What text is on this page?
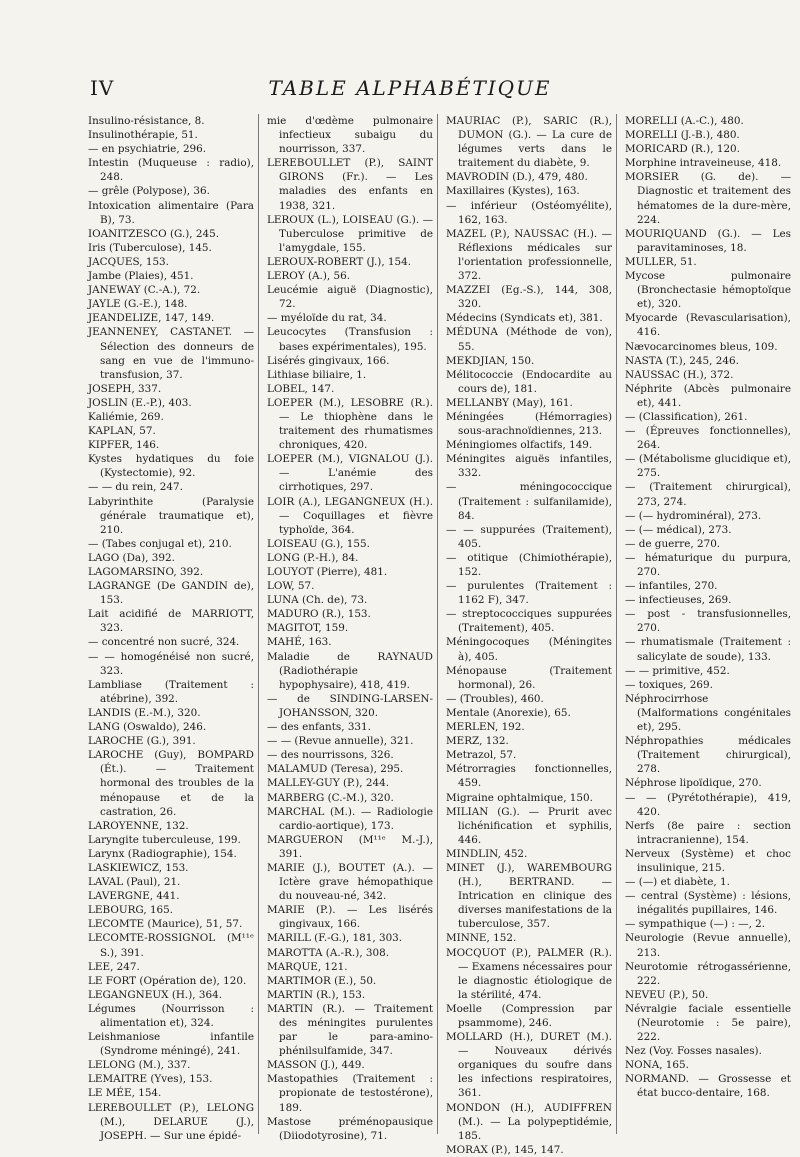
IV	TABLE ALPHABÉTIQUE

Insulino-résistance, 8.

Insulinothérapie, 51.

— en psychiatrie, 296.

Intestin (Muqueuse : radio), 248.

— grêle (Polypose), 36.

Intoxication alimentaire (Para B), 73.

IOANITZESCO (G.), 245.

Iris (Tuberculose), 145.

JACQUES, 153.

Jambe (Plaies), 451.

JANEWAY (C.-A.), 72.

JAYLE (G.-E.), 148.

JEANDELIZE, 147, 149.

JEANNENEY, CASTANET. — Sélection des donneurs de sang en vue de l'immuno-transfusion, 37.

JOSEPH, 337.

JOSLIN (E.-P.), 403.

Kaliémie, 269.

KAPLAN, 57.

KIPFER, 146.

Kystes hydatiques du foie (Kystectomie), 92.

— — du rein, 247.

Labyrinthite (Paralysie générale traumatique et), 210.

— (Tabes conjugal et), 210.

LAGO (Da), 392.

LAGOMARSINO, 392.

LAGRANGE (De GANDIN de), 153.

Lait acidifié de MARRIOTT, 323.

— concentré non sucré, 324.

— — homogénéisé non sucré, 323.

Lambliase (Traitement : atébrine), 392.

LANDIS (E.-M.), 320.

LANG (Oswaldo), 246.

LAROCHE (G.), 391.

LAROCHE (Guy), BOMPARD (Ét.). — Traitement hormonal des troubles de la ménopause et de la castration, 26.

LAROYENNE, 132.

Laryngite tuberculeuse, 199.

Larynx (Radiographie), 154.

LASKIEWICZ, 153.

LAVAL (Paul), 21.

LAVERGNE, 441.

LEBOURG, 165.

LECOMTE (Maurice), 51, 57.

LECOMTE-ROSSIGNOL (M¹¹ᵉ S.), 391.

LEE, 247.

LE FORT (Opération de), 120.

LEGANGNEUX (H.), 364.

Légumes (Nourrisson : alimentation et), 324.

Leishmaniose infantile (Syndrome méningé), 241.

LELONG (M.), 337.

LEMAITRE (Yves), 153.

LE MÉE, 154.

LEREBOULLET (P.), LELONG (M.), DELARUE (J.), JOSEPH. — Sur une épidé-

mie d'œdème pulmonaire infectieux subaigu du nourrisson, 337.

LEREBOULLET (P.), SAINT GIRONS (Fr.). — Les maladies des enfants en 1938, 321.

LEROUX (L.), LOISEAU (G.). — Tuberculose primitive de l'amygdale, 155.

LEROUX-ROBERT (J.), 154.

LEROY (A.), 56.

Leucémie aiguë (Diagnostic), 72.

— myéloïde du rat, 34.

Leucocytes (Transfusion : bases expérimentales), 195.

Lisérés gingivaux, 166.

Lithiase biliaire, 1.

LOBEL, 147.

LOEPER (M.), LESOBRE (R.). — Le thiophène dans le traitement des rhumatismes chroniques, 420.

LOEPER (M.), VIGNALOU (J.). — L'anémie des cirrhotiques, 297.

LOIR (A.), LEGANGNEUX (H.). — Coquillages et fièvre typhoïde, 364.

LOISEAU (G.), 155.

LONG (P.-H.), 84.

LOUYOT (Pierre), 481.

LOW, 57.

LUNA (Ch. de), 73.

MADURO (R.), 153.

MAGITOT, 159.

MAHÉ, 163.

Maladie de RAYNAUD (Radiothérapie hypophysaire), 418, 419.

— de SINDING-LARSEN-JOHANSSON, 320.

— des enfants, 331.

— — (Revue annuelle), 321.

— des nourrissons, 326.

MALAMUD (Teresa), 295.

MALLEY-GUY (P.), 244.

MARBERG (C.-M.), 320.

MARCHAL (M.). — Radiologie cardio-aortique), 173.

MARGUERON (M¹¹ᵉ M.-J.), 391.

MARIE (J.), BOUTET (A.). — Ictère grave hémopathique du nouveau-né, 342.

MARIE (P.). — Les lisérés gingivaux, 166.

MARILL (F.-G.), 181, 303.

MAROTTA (A.-R.), 308.

MARQUE, 121.

MARTIMOR (E.), 50.

MARTIN (R.), 153.

MARTIN (R.). — Traitement des méningites purulentes par le para-amino-phénilsulfamide, 347.

MASSON (J.), 449.

Mastopathies (Traitement : propionate de testostérone), 189.

Mastose préménopausique (Diiodotyrosine), 71.

MAURIAC (P.), SARIC (R.), DUMON (G.). — La cure de légumes verts dans le traitement du diabète, 9.

MAVRODIN (D.), 479, 480.

Maxillaires (Kystes), 163.

— inférieur (Ostéomyélite), 162, 163.

MAZEL (P.), NAUSSAC (H.). — Réflexions médicales sur l'orientation professionnelle, 372.

MAZZEI (Eg.-S.), 144, 308, 320.

Médecins (Syndicats et), 381.

MÉDUNA (Méthode de von), 55.

MEKDJIAN, 150.

Mélitococcie (Endocardite au cours de), 181.

MELLANBY (May), 161.

Méningées (Hémorragies) sous-arachnoïdiennes, 213.

Méningiomes olfactifs, 149.

Méningites aiguës infantiles, 332.

— méningococcique (Traitement : sulfanilamide), 84.

— — suppurées (Traitement), 405.

— otitique (Chimiothérapie), 152.

— purulentes (Traitement : 1162 F), 347.

— streptococciques suppurées (Traitement), 405.

Méningocoques (Méningites à), 405.

Ménopause (Traitement hormonal), 26.

— (Troubles), 460.

Mentale (Anorexie), 65.

MERLEN, 192.

MERZ, 132.

Metrazol, 57.

Métrorragies fonctionnelles, 459.

Migraine ophtalmique, 150.

MILIAN (G.). — Prurit avec lichénification et syphilis, 446.

MINDLIN, 452.

MINET (J.), WAREMBOURG (H.), BERTRAND. — Intrication en clinique des diverses manifestations de la tuberculose, 357.

MINNE, 152.

MOCQUOT (P.), PALMER (R.). — Examens nécessaires pour le diagnostic étiologique de la stérilité, 474.

Moelle (Compression par psammome), 246.

MOLLARD (H.), DURET (M.). — Nouveaux dérivés organiques du soufre dans les infections respiratoires, 361.

MONDON (H.), AUDIFFREN (M.). — La polypeptidémie, 185.

MORAX (P.), 145, 147.

MORELLI (A.-C.), 480.

MORELLI (J.-B.), 480.

MORICARD (R.), 120.

Morphine intraveineuse, 418.

MORSIER (G. de). — Diagnostic et traitement des hématomes de la dure-mère, 224.

MOURIQUAND (G.). — Les paravitaminoses, 18.

MULLER, 51.

Mycose pulmonaire (Bronchectasie hémoptoïque et), 320.

Myocarde (Revascularisation), 416.

Nævocarcinomes bleus, 109.

NASTA (T.), 245, 246.

NAUSSAC (H.), 372.

Néphrite (Abcès pulmonaire et), 441.

— (Classification), 261.

— (Épreuves fonctionnelles), 264.

— (Métabolisme glucidique et), 275.

— (Traitement chirurgical), 273, 274.

— (— hydrominéral), 273.

— (— médical), 273.

— de guerre, 270.

— hématurique du purpura, 270.

— infantiles, 270.

— infectieuses, 269.

— post - transfusionnelles, 270.

— rhumatismale (Traitement : salicylate de soude), 133.

— — primitive, 452.

— toxiques, 269.

Néphrocirrhose (Malformations congénitales et), 295.

Néphropathies médicales (Traitement chirurgical), 278.

Néphrose lipoïdique, 270.

— — (Pyrétothérapie), 419, 420.

Nerfs (8e paire : section intracranienne), 154.

Nerveux (Système) et choc insulinique, 215.

— (—) et diabète, 1.

— central (Système) : lésions, inégalités pupillaires, 146.

— sympathique (—) : —, 2.

Neurologie (Revue annuelle), 213.

Neurotomie rétrogassérienne, 222.

NEVEU (P.), 50.

Névralgie faciale essentielle (Neurotomie : 5e paire), 222.

Nez (Voy. Fosses nasales).

NONA, 165.

NORMAND. — Grossesse et état bucco-dentaire, 168.
